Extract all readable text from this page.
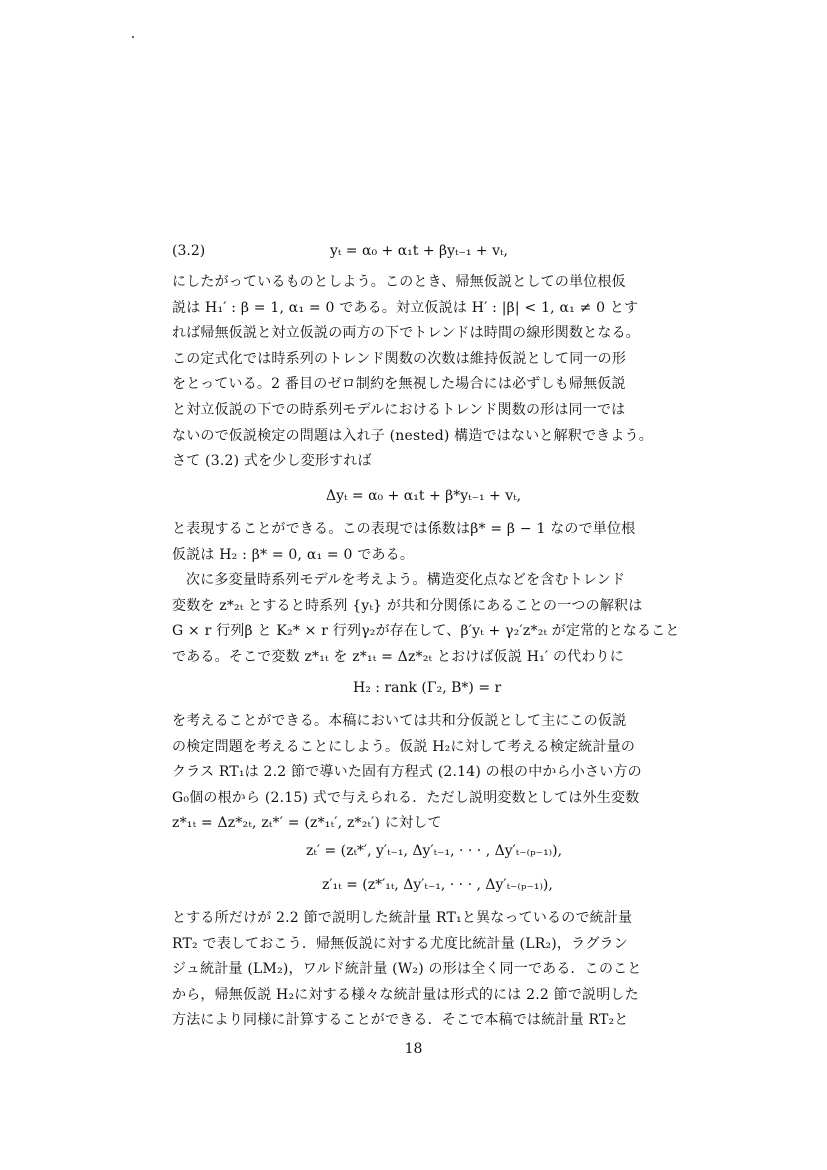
(3.2)	yₜ = α₀ + α₁t + βyₜ₋₁ + vₜ,
にしたがっているものとしよう。このとき、帰無仮説としての単位根仮
説は H₁′ : β = 1, α₁ = 0 である。対立仮説は H′ : |β| < 1, α₁ ≠ 0 とす
れば帰無仮説と対立仮説の両方の下でトレンドは時間の線形関数となる。
この定式化では時系列のトレンド関数の次数は維持仮説として同一の形
をとっている。2 番目のゼロ制約を無視した場合には必ずしも帰無仮説
と対立仮説の下での時系列モデルにおけるトレンド関数の形は同一では
ないので仮説検定の問題は入れ子 (nested) 構造ではないと解釈できよう。
さて (3.2) 式を少し変形すれば
Δyₜ = α₀ + α₁t + β*yₜ₋₁ + vₜ,
と表現することができる。この表現では係数はβ* = β − 1 なので単位根
仮説は H₂ : β* = 0, α₁ = 0 である。
次に多変量時系列モデルを考えよう。構造変化点などを含むトレンド
変数を z*₂ₜ とすると時系列 {yₜ} が共和分関係にあることの一つの解釈は
G × r 行列β と K₂* × r 行列γ₂が存在して、β′yₜ + γ₂′z*₂ₜ が定常的となること
である。そこで変数 z*₁ₜ を z*₁ₜ = Δz*₂ₜ とおけば仮説 H₁′ の代わりに
H₂ : rank (Γ₂, B*) = r
を考えることができる。本稿においては共和分仮説として主にこの仮説
の検定問題を考えることにしよう。仮説 H₂に対して考える検定統計量の
クラス RT₁は 2.2 節で導いた固有方程式 (2.14) の根の中から小さい方の
G₀個の根から (2.15) 式で与えられる．ただし説明変数としては外生変数
z*₁ₜ = Δz*₂ₜ, zₜ*′ = (z*₁ₜ′, z*₂ₜ′) に対して
zₜ′ = (zₜ*′, y′ₜ₋₁, Δy′ₜ₋₁, · · · , Δy′ₜ₋₍ₚ₋₁₎),
z′₁ₜ = (z*′₁ₜ, Δy′ₜ₋₁, · · · , Δy′ₜ₋₍ₚ₋₁₎),
とする所だけが 2.2 節で説明した統計量 RT₁と異なっているので統計量
RT₂ で表しておこう．帰無仮説に対する尤度比統計量 (LR₂)，ラグラン
ジュ統計量 (LM₂)，ワルド統計量 (W₂) の形は全く同一である．このこと
から，帰無仮説 H₂に対する様々な統計量は形式的には 2.2 節で説明した
方法により同様に計算することができる．そこで本稿では統計量 RT₂と
18
